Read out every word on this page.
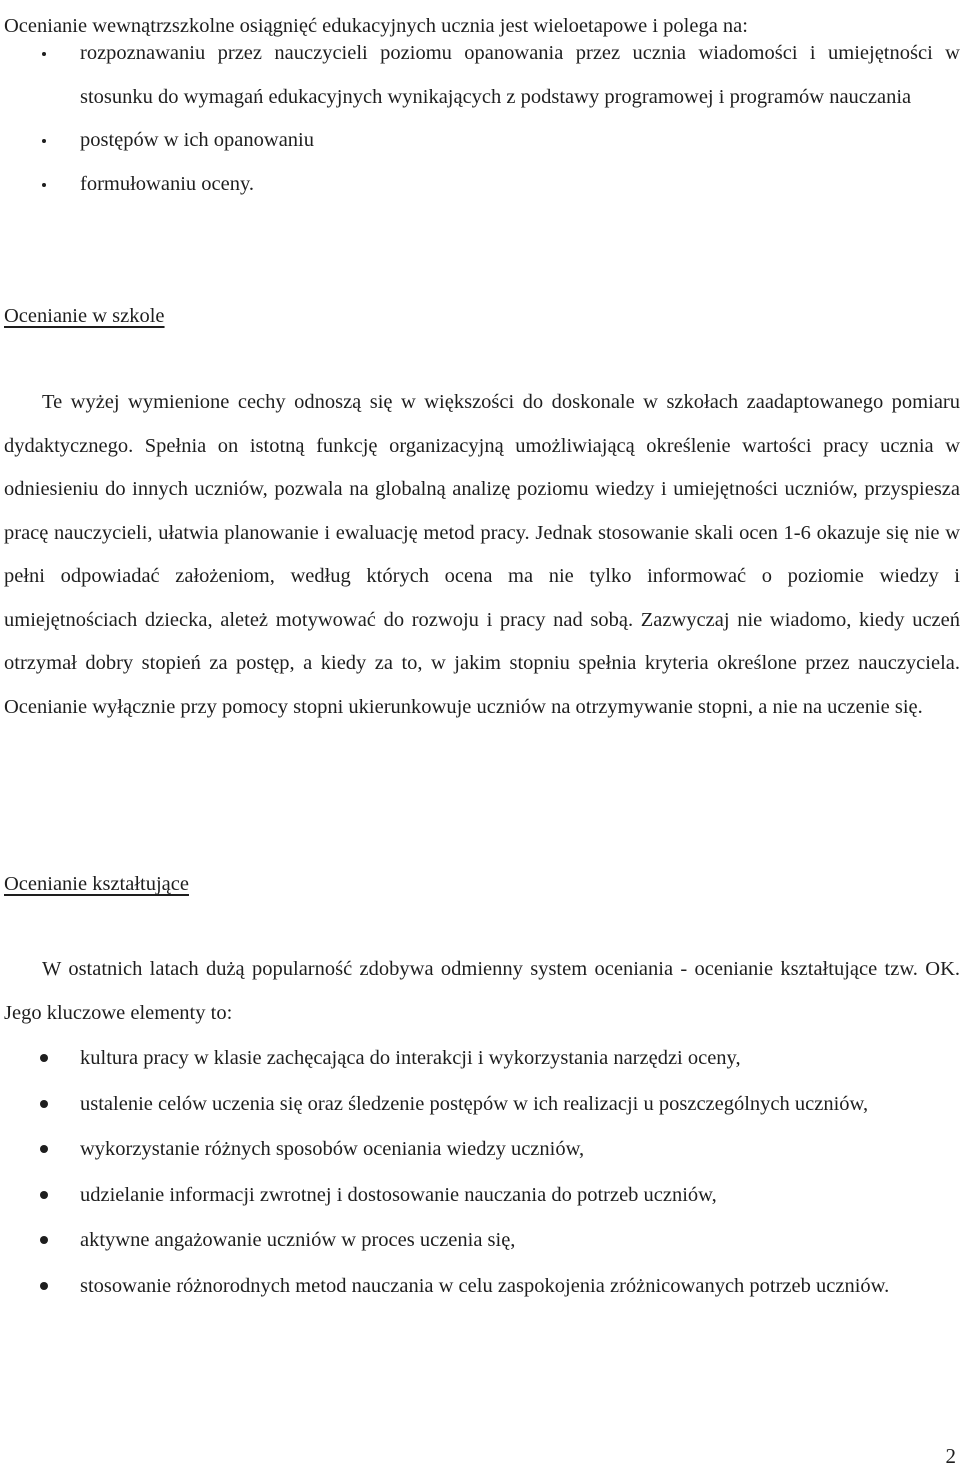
Ocenianie wewnątrzszkolne osiągnięć edukacyjnych ucznia jest wieloetapowe i polega na:

rozpoznawaniu przez nauczycieli poziomu opanowania przez ucznia wiadomości i umiejętności w stosunku do wymagań edukacyjnych wynikających z podstawy programowej i programów nauczania
postępów w ich opanowaniu
formułowaniu oceny.
Ocenianie w szkole

Te wyżej wymienione cechy odnoszą się w większości do doskonale w szkołach zaadaptowanego pomiaru dydaktycznego. Spełnia on istotną funkcję organizacyjną umożliwiającą określenie wartości pracy ucznia w odniesieniu do innych uczniów, pozwala na globalną analizę poziomu wiedzy i umiejętności uczniów, przyspiesza pracę nauczycieli, ułatwia planowanie i ewaluację metod pracy. Jednak stosowanie skali ocen 1-6 okazuje się nie w pełni odpowiadać założeniom, według których ocena ma nie tylko informować o poziomie wiedzy i umiejętnościach dziecka, aleteż motywować do rozwoju i pracy nad sobą. Zazwyczaj nie wiadomo, kiedy uczeń otrzymał dobry stopień za postęp, a kiedy za to, w jakim stopniu spełnia kryteria określone przez nauczyciela. Ocenianie wyłącznie przy pomocy stopni ukierunkowuje uczniów na otrzymywanie stopni, a nie na uczenie się.

Ocenianie kształtujące

W ostatnich latach dużą popularność zdobywa odmienny system oceniania - ocenianie kształtujące tzw. OK. Jego kluczowe elementy to:

kultura pracy w klasie zachęcająca do interakcji i wykorzystania narzędzi oceny,
ustalenie celów uczenia się oraz śledzenie postępów w ich realizacji u poszczególnych uczniów,
wykorzystanie różnych sposobów oceniania wiedzy uczniów,
udzielanie informacji zwrotnej i dostosowanie nauczania do potrzeb uczniów,
aktywne angażowanie uczniów w proces uczenia się,
stosowanie różnorodnych metod nauczania w celu zaspokojenia zróżnicowanych potrzeb uczniów.
2
